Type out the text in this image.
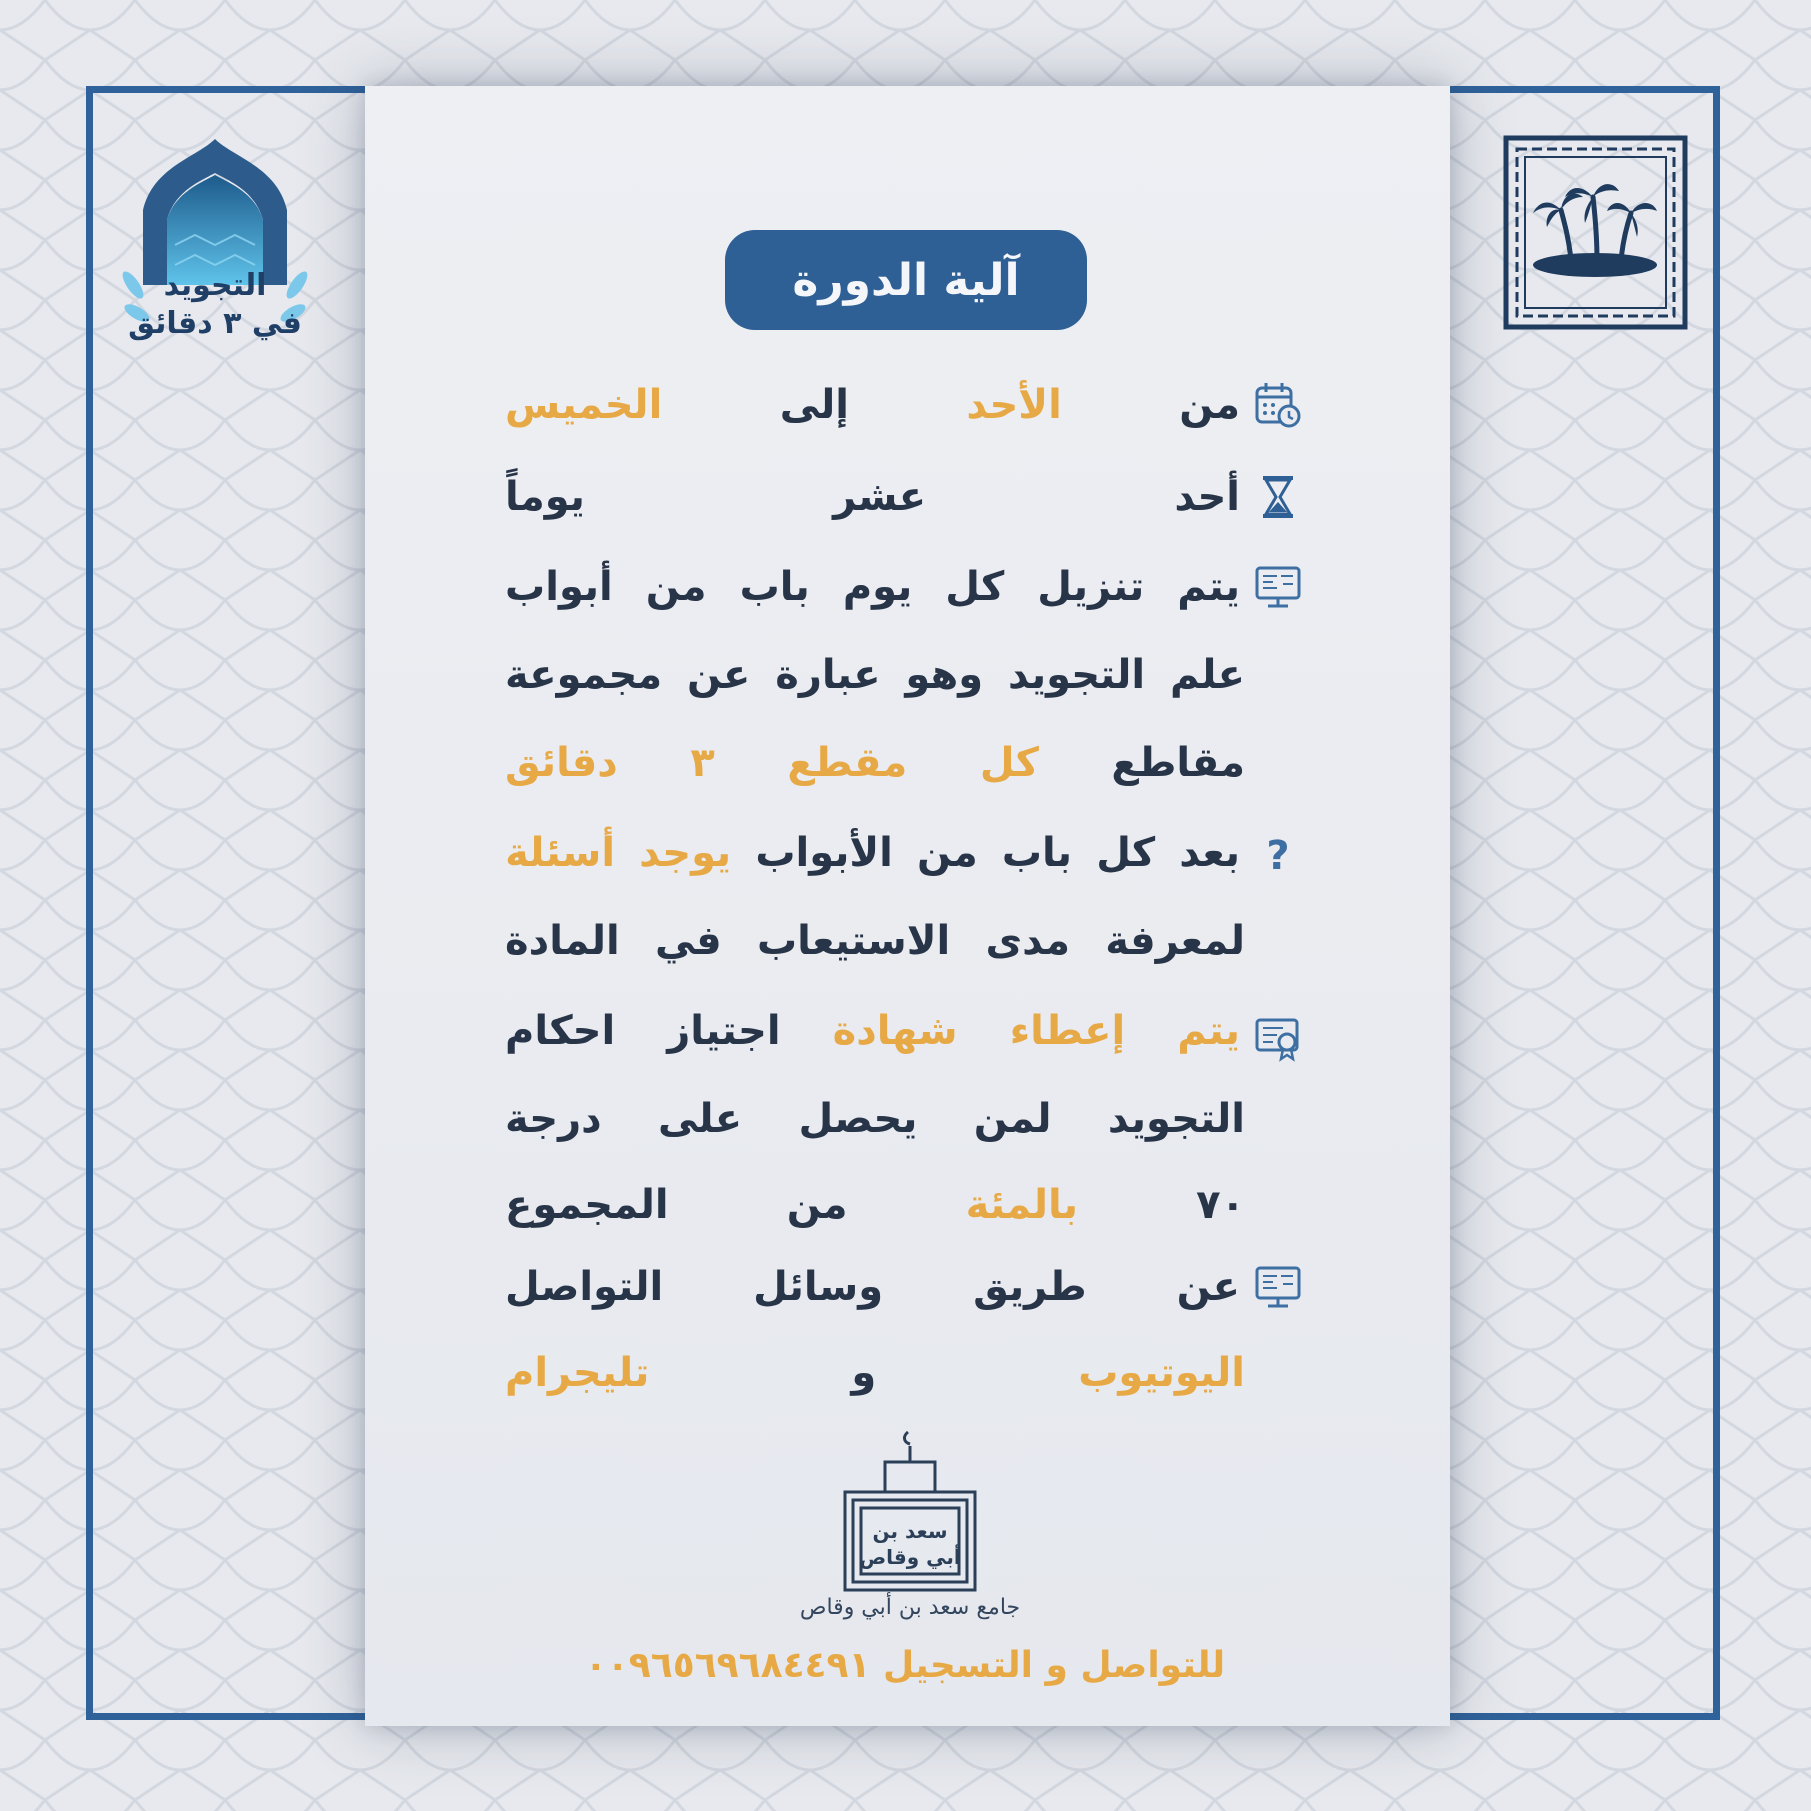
التجويد
في ٣ دقائق
آلية الدورة
من
الأحد
إلى
الخميس
أحد
عشر
يوماً
يتم
تنزيل
كل
يوم
باب
من
أبواب
علم
التجويد
وهو
عبارة
عن
مجموعة
مقاطع
كل
مقطع
٣
دقائق
بعد
كل
باب
من
الأبواب
يوجد
أسئلة
لمعرفة
مدى
الاستيعاب
في
المادة
يتم
إعطاء
شهادة
اجتياز
احكام
التجويد
لمن
يحصل
على
درجة
٧٠
بالمئة
من
المجموع
عن
طريق
وسائل
التواصل
اليوتيوب
و
تليجرام
?
سعد بن
أبي وقاص
جامع سعد بن أبي وقاص
للتواصل و التسجيل ٠٠٩٦٥٦٩٦٨٤٤٩١
